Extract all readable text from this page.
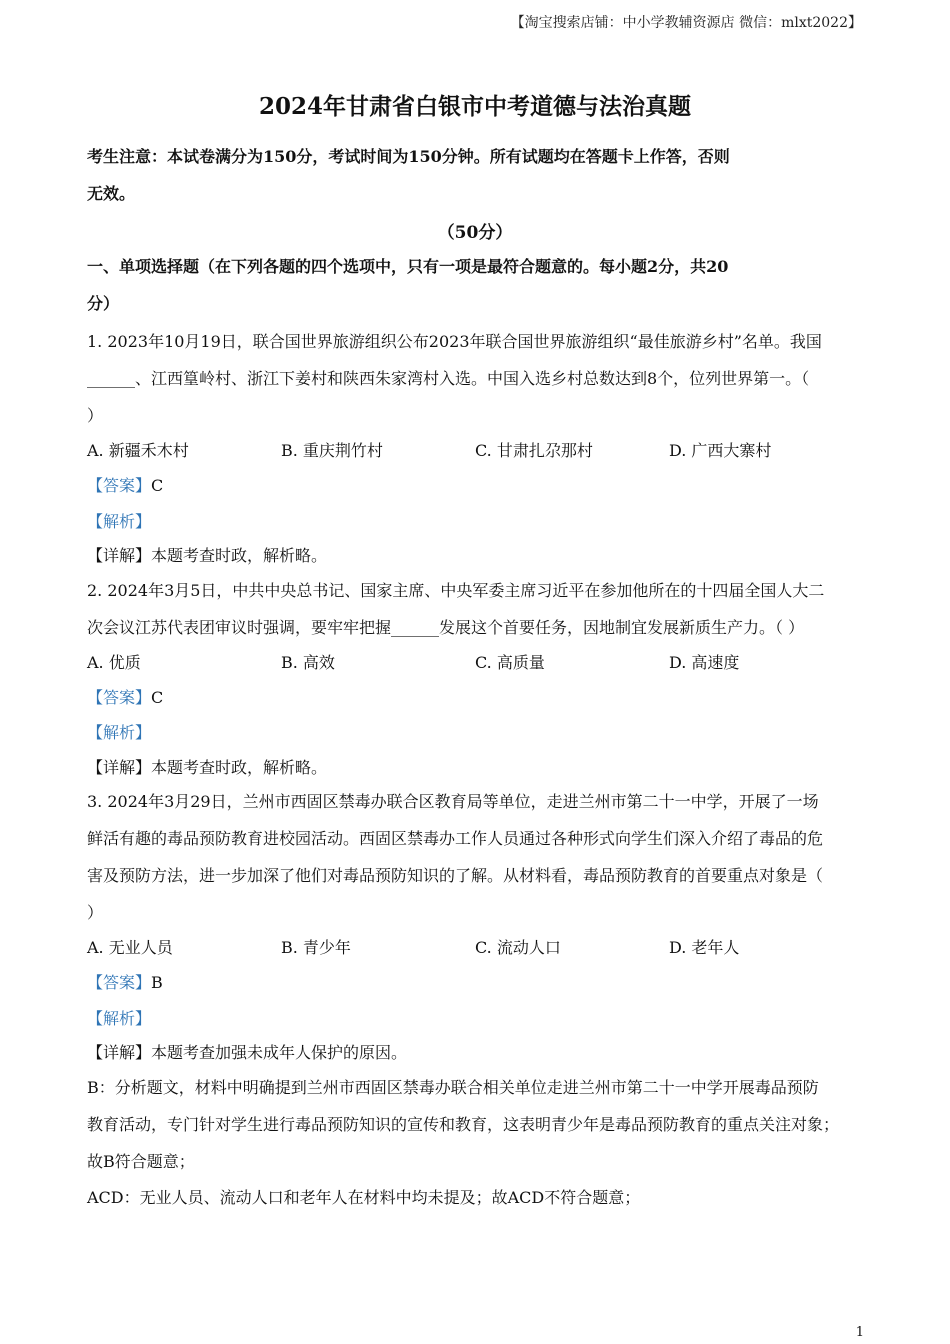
【淘宝搜索店铺：中小学教辅资源店 微信：mlxt2022】
2024年甘肃省白银市中考道德与法治真题
考生注意：本试卷满分为150分，考试时间为150分钟。所有试题均在答题卡上作答，否则
无效。
（50分）
一、单项选择题（在下列各题的四个选项中，只有一项是最符合题意的。每小题2分，共20
分）
1. 2023年10月19日，联合国世界旅游组织公布2023年联合国世界旅游组织“最佳旅游乡村”名单。我国
______、江西篁岭村、浙江下姜村和陕西朱家湾村入选。中国入选乡村总数达到8个，位列世界第一。（
）
A. 新疆禾木村	B. 重庆荆竹村	C. 甘肃扎尕那村	D. 广西大寨村
【答案】C
【解析】
【详解】本题考查时政，解析略。
2. 2024年3月5日，中共中央总书记、国家主席、中央军委主席习近平在参加他所在的十四届全国人大二
次会议江苏代表团审议时强调，要牢牢把握______发展这个首要任务，因地制宜发展新质生产力。（ ）
A. 优质	B. 高效	C. 高质量	D. 高速度
【答案】C
【解析】
【详解】本题考查时政，解析略。
3. 2024年3月29日，兰州市西固区禁毒办联合区教育局等单位，走进兰州市第二十一中学，开展了一场
鲜活有趣的毒品预防教育进校园活动。西固区禁毒办工作人员通过各种形式向学生们深入介绍了毒品的危
害及预防方法，进一步加深了他们对毒品预防知识的了解。从材料看，毒品预防教育的首要重点对象是（
）
A. 无业人员	B. 青少年	C. 流动人口	D. 老年人
【答案】B
【解析】
【详解】本题考查加强未成年人保护的原因。
B：分析题文，材料中明确提到兰州市西固区禁毒办联合相关单位走进兰州市第二十一中学开展毒品预防
教育活动，专门针对学生进行毒品预防知识的宣传和教育，这表明青少年是毒品预防教育的重点关注对象；
故B符合题意；
ACD：无业人员、流动人口和老年人在材料中均未提及；故ACD不符合题意；
1
